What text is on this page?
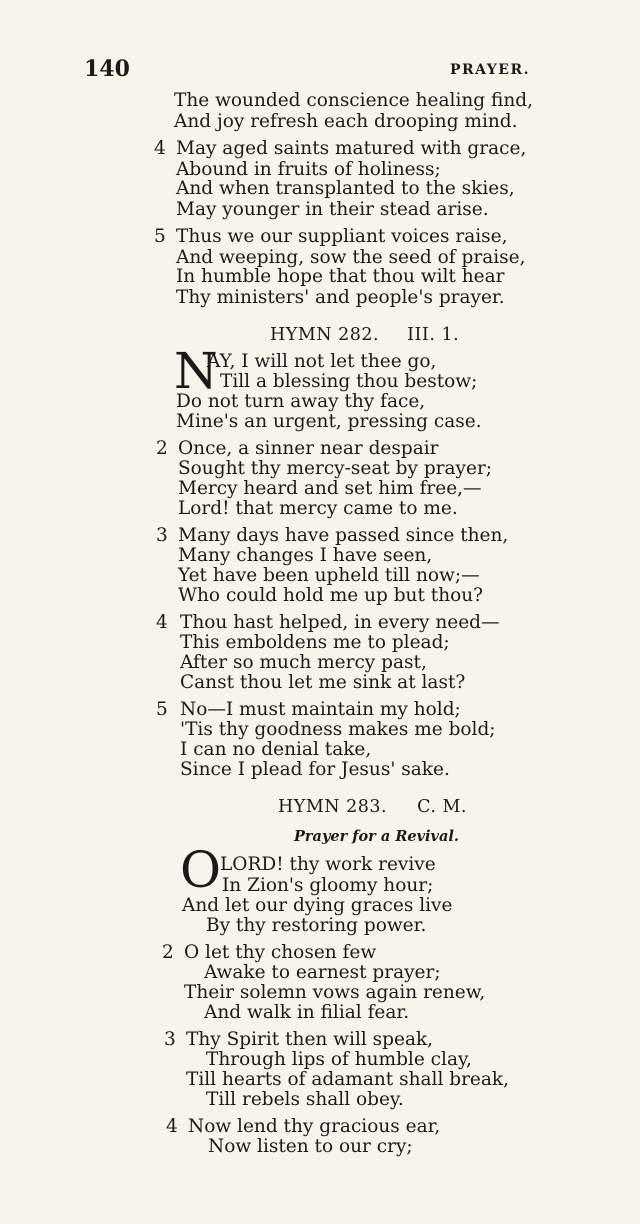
140	PRAYER.
The wounded conscience healing find,
And joy refresh each drooping mind.
4 May aged saints matured with grace,
Abound in fruits of holiness;
And when transplanted to the skies,
May younger in their stead arise.
5 Thus we our suppliant voices raise,
And weeping, sow the seed of praise,
In humble hope that thou wilt hear
Thy ministers' and people's prayer.
HYMN 282. III. 1.
N
AY, I will not let thee go,
Till a blessing thou bestow;
Do not turn away thy face,
Mine's an urgent, pressing case.
2 Once, a sinner near despair
Sought thy mercy-seat by prayer;
Mercy heard and set him free,—
Lord! that mercy came to me.
3 Many days have passed since then,
Many changes I have seen,
Yet have been upheld till now;—
Who could hold me up but thou?
4 Thou hast helped, in every need—
This emboldens me to plead;
After so much mercy past,
Canst thou let me sink at last?
5 No—I must maintain my hold;
'Tis thy goodness makes me bold;
I can no denial take,
Since I plead for Jesus' sake.
HYMN 283. C. M.
Prayer for a Revival.
O LORD! thy work revive
In Zion's gloomy hour;
And let our dying graces live
By thy restoring power.
2 O let thy chosen few
Awake to earnest prayer;
Their solemn vows again renew,
And walk in filial fear.
3 Thy Spirit then will speak,
Through lips of humble clay,
Till hearts of adamant shall break,
Till rebels shall obey.
4 Now lend thy gracious ear,
Now listen to our cry;
